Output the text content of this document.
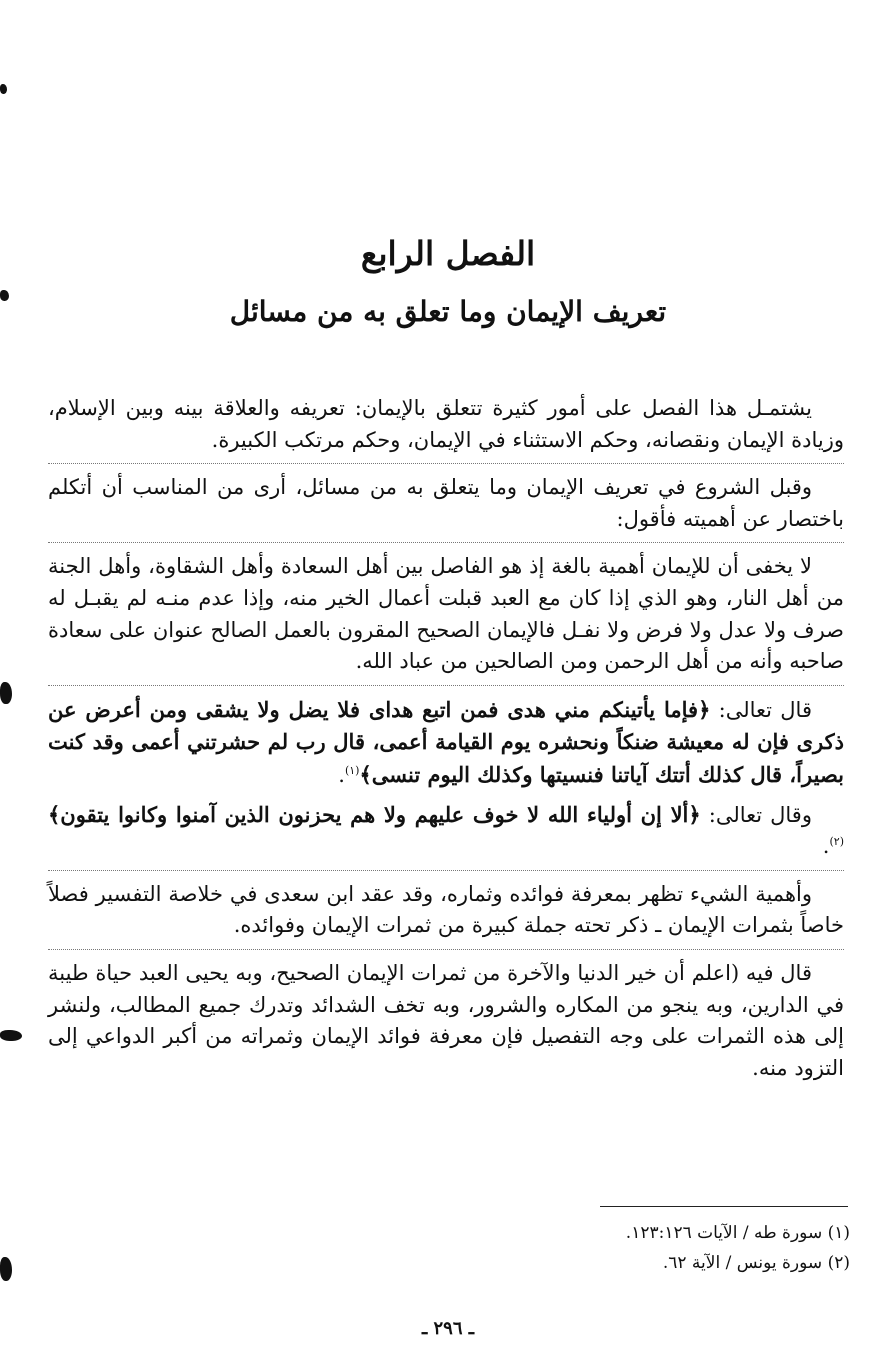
الفصل الرابع
تعريف الإيمان وما تعلق به من مسائل

يشتمـل هذا الفصل على أمور كثيرة تتعلق بالإيمان: تعريفه والعلاقة بينه وبين الإسلام، وزيادة الإيمان ونقصانه، وحكم الاستثناء في الإيمان، وحكم مرتكب الكبيرة.

وقبل الشروع في تعريف الإيمان وما يتعلق به من مسائل، أرى من المناسب أن أتكلم باختصار عن أهميته فأقول:

لا يخفى أن للإيمان أهمية بالغة إذ هو الفاصل بين أهل السعادة وأهل الشقاوة، وأهل الجنة من أهل النار، وهو الذي إذا كان مع العبد قبلت أعمال الخير منه، وإذا عدم منـه لم يقبـل له صرف ولا عدل ولا فرض ولا نفـل فالإيمان الصحيح المقرون بالعمل الصالح عنوان على سعادة صاحبه وأنه من أهل الرحمن ومن الصالحين من عباد الله.

قال تعالى: ﴿فإما يأتينكم مني هدى فمن اتبع هداى فلا يضل ولا يشقى ومن أعرض عن ذكرى فإن له معيشة ضنكاً ونحشره يوم القيامة أعمى، قال رب لم حشرتني أعمى وقد كنت بصيراً، قال كذلك أتتك آياتنا فنسيتها وكذلك اليوم تنسى﴾$^{(١)}$.

وقال تعالى: ﴿ألا إن أولياء الله لا خوف عليهم ولا هم يحزنون الذين آمنوا وكانوا يتقون﴾$^{(٢)}$.

وأهمية الشيء تظهر بمعرفة فوائده وثماره، وقد عقد ابن سعدى في خلاصة التفسير فصلاً خاصاً بثمرات الإيمان ـ ذكر تحته جملة كبيرة من ثمرات الإيمان وفوائده.

قال فيه (اعلم أن خير الدنيا والآخرة من ثمرات الإيمان الصحيح، وبه يحيى العبد حياة طيبة في الدارين، وبه ينجو من المكاره والشرور، وبه تخف الشدائد وتدرك جميع المطالب، ولنشر إلى هذه الثمرات على وجه التفصيل فإن معرفة فوائد الإيمان وثمراته من أكبر الدواعي إلى التزود منه.

(١) سورة طه / الآيات ١٢٣:١٢٦.
(٢) سورة يونس / الآية ٦٢.
ـ ٢٩٦ ـ
